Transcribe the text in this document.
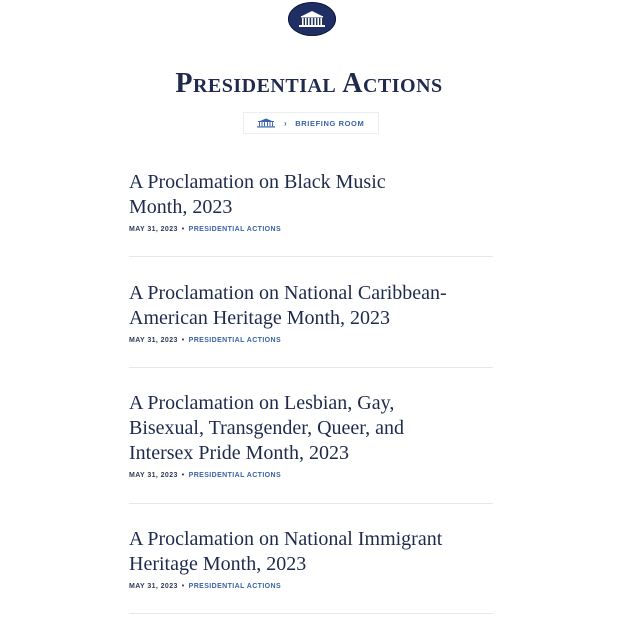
Presidential Actions
› BRIEFING ROOM
A Proclamation on Black Music
Month, 2023
MAY 31, 2023 • PRESIDENTIAL ACTIONS
A Proclamation on National Caribbean-
American Heritage Month, 2023
MAY 31, 2023 • PRESIDENTIAL ACTIONS
A Proclamation on Lesbian, Gay,
Bisexual, Transgender, Queer, and
Intersex Pride Month, 2023
MAY 31, 2023 • PRESIDENTIAL ACTIONS
A Proclamation on National Immigrant
Heritage Month, 2023
MAY 31, 2023 • PRESIDENTIAL ACTIONS
